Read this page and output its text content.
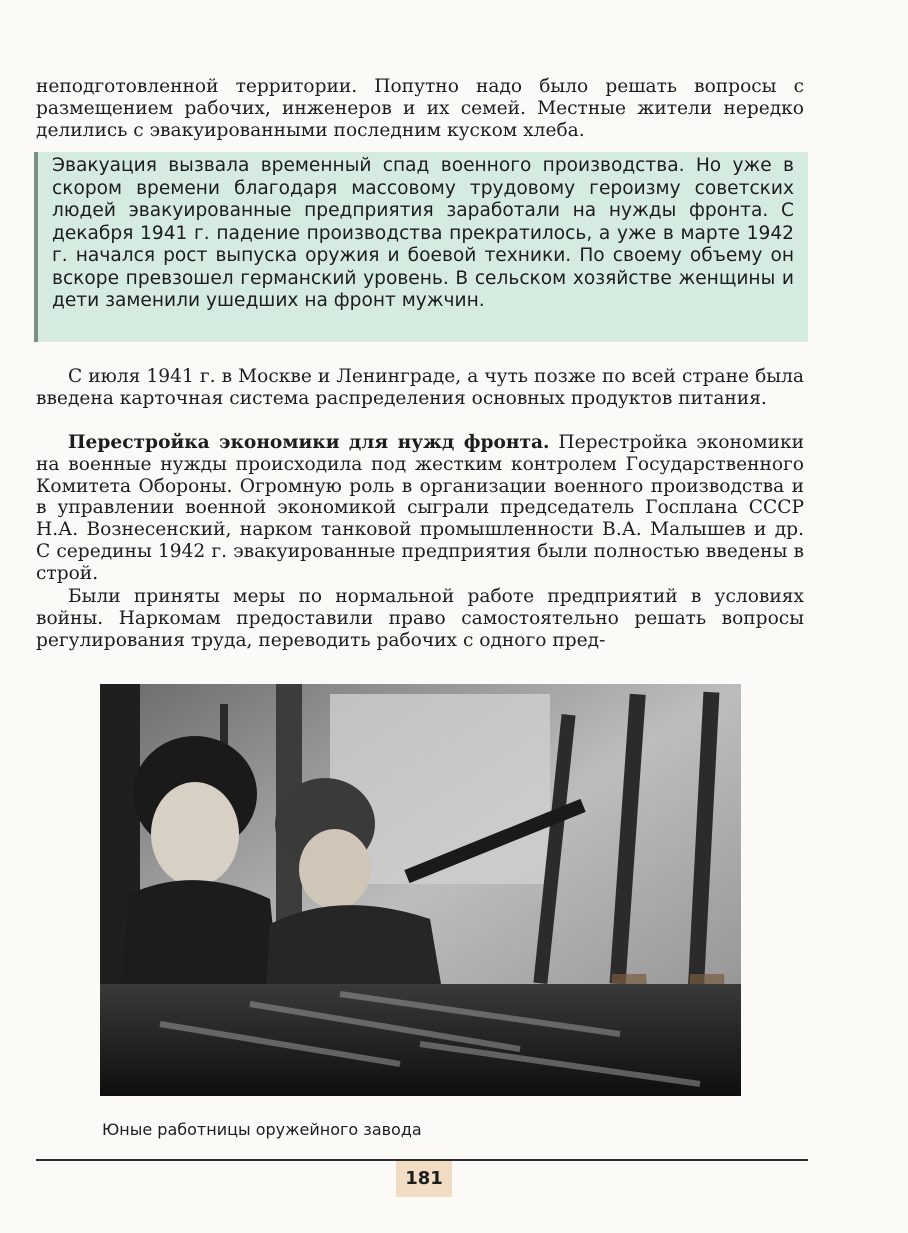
неподготовленной территории. Попутно надо было решать вопросы с размещением рабочих, инженеров и их семей. Местные жители нередко делились с эвакуированными последним куском хлеба.

Эвакуация вызвала временный спад военного производства. Но уже в скором времени благодаря массовому трудовому героизму советских людей эвакуированные предприятия заработали на нужды фронта. С декабря 1941 г. падение производства прекратилось, а уже в марте 1942 г. начался рост выпуска оружия и боевой техники. По своему объему он вскоре превзошел германский уровень. В сельском хозяйстве женщины и дети заменили ушедших на фронт мужчин.

С июля 1941 г. в Москве и Ленинграде, а чуть позже по всей стране была введена карточная система распределения основных продуктов питания.

Перестройка экономики для нужд фронта. Перестройка экономики на военные нужды происходила под жестким контролем Государственного Комитета Обороны. Огромную роль в организации военного производства и в управлении военной экономикой сыграли председатель Госплана СССР Н.А. Вознесенский, нарком танковой промышленности В.А. Малышев и др. С середины 1942 г. эвакуированные предприятия были полностью введены в строй.

Были приняты меры по нормальной работе предприятий в условиях войны. Наркомам предоставили право самостоятельно решать вопросы регулирования труда, переводить рабочих с одного пред-

Юные работницы оружейного завода

181
